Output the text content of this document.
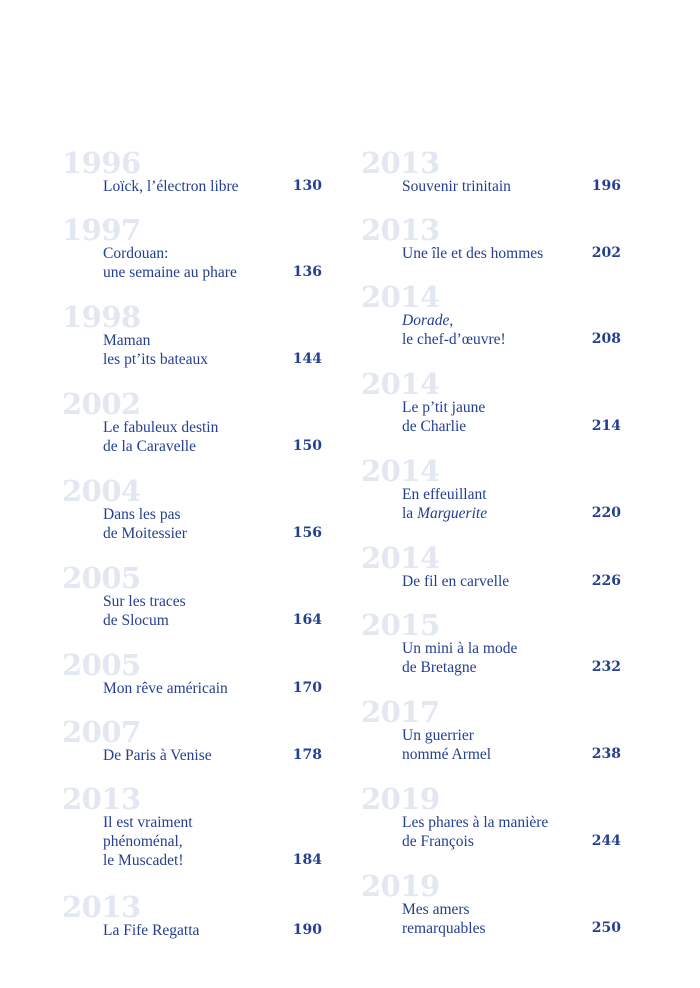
1996
Loïck, l’électron libre	130
1997
Cordouan:
une semaine au phare	136
1998
Maman
les pt’its bateaux	144
2002
Le fabuleux destin
de la Caravelle	150
2004
Dans les pas
de Moitessier	156
2005
Sur les traces
de Slocum	164
2005
Mon rêve américain	170
2007
De Paris à Venise	178
2013
Il est vraiment
phénoménal,
le Muscadet!	184
2013
La Fife Regatta	190
2013
Souvenir trinitain	196
2013
Une île et des hommes	202
2014
Dorade,
le chef-d’œuvre!	208
2014
Le p’tit jaune
de Charlie	214
2014
En effeuillant
la Marguerite	220
2014
De fil en carvelle	226
2015
Un mini à la mode
de Bretagne	232
2017
Un guerrier
nommé Armel	238
2019
Les phares à la manière
de François	244
2019
Mes amers
remarquables	250
